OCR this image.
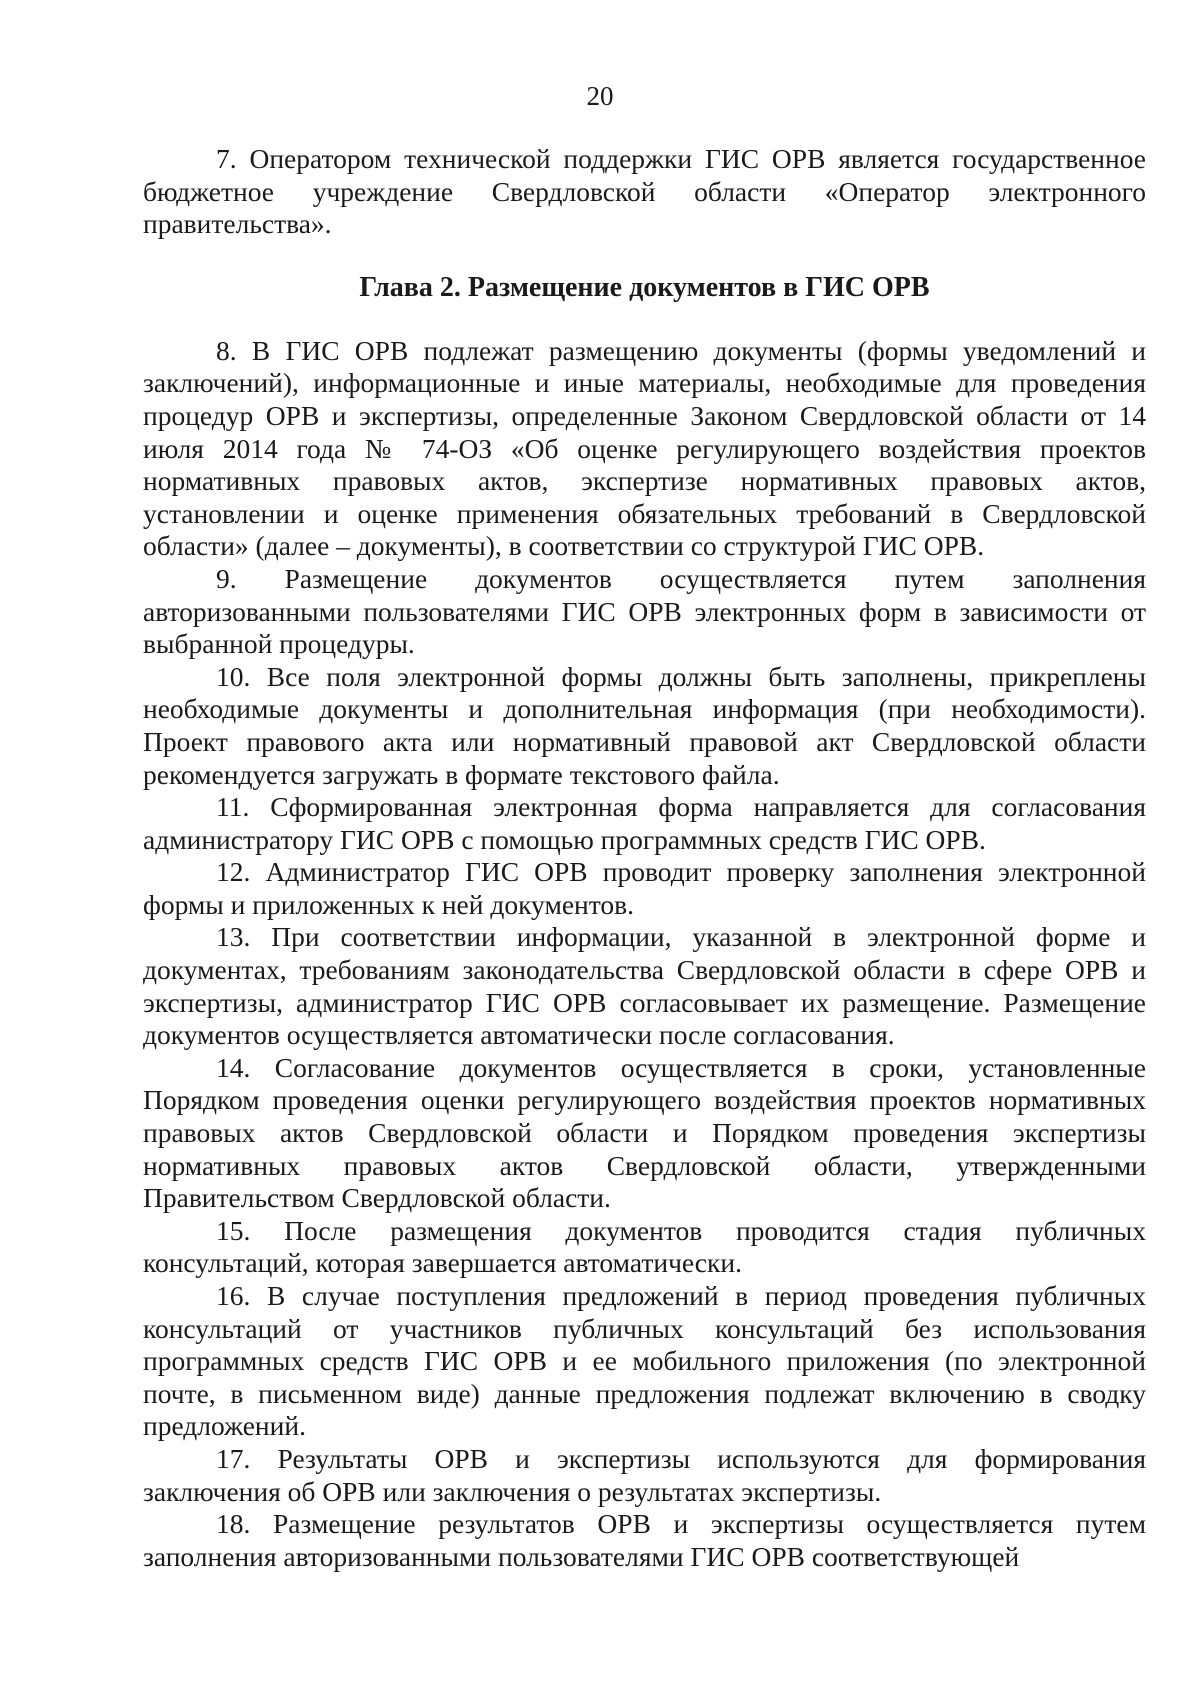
20

7. Оператором технической поддержки ГИС ОРВ является государственное бюджетное учреждение Свердловской области «Оператор электронного правительства».

Глава 2. Размещение документов в ГИС ОРВ

8. В ГИС ОРВ подлежат размещению документы (формы уведомлений и заключений), информационные и иные материалы, необходимые для проведения процедур ОРВ и экспертизы, определенные Законом Свердловской области от 14 июля 2014 года № 74-ОЗ «Об оценке регулирующего воздействия проектов нормативных правовых актов, экспертизе нормативных правовых актов, установлении и оценке применения обязательных требований в Свердловской области» (далее – документы), в соответствии со структурой ГИС ОРВ.

9. Размещение документов осуществляется путем заполнения авторизованными пользователями ГИС ОРВ электронных форм в зависимости от выбранной процедуры.

10. Все поля электронной формы должны быть заполнены, прикреплены необходимые документы и дополнительная информация (при необходимости). Проект правового акта или нормативный правовой акт Свердловской области рекомендуется загружать в формате текстового файла.

11. Сформированная электронная форма направляется для согласования администратору ГИС ОРВ с помощью программных средств ГИС ОРВ.

12. Администратор ГИС ОРВ проводит проверку заполнения электронной формы и приложенных к ней документов.

13. При соответствии информации, указанной в электронной форме и документах, требованиям законодательства Свердловской области в сфере ОРВ и экспертизы, администратор ГИС ОРВ согласовывает их размещение. Размещение документов осуществляется автоматически после согласования.

14. Согласование документов осуществляется в сроки, установленные Порядком проведения оценки регулирующего воздействия проектов нормативных правовых актов Свердловской области и Порядком проведения экспертизы нормативных правовых актов Свердловской области, утвержденными Правительством Свердловской области.

15. После размещения документов проводится стадия публичных консультаций, которая завершается автоматически.

16. В случае поступления предложений в период проведения публичных консультаций от участников публичных консультаций без использования программных средств ГИС ОРВ и ее мобильного приложения (по электронной почте, в письменном виде) данные предложения подлежат включению в сводку предложений.

17. Результаты ОРВ и экспертизы используются для формирования заключения об ОРВ или заключения о результатах экспертизы.

18. Размещение результатов ОРВ и экспертизы осуществляется путем заполнения авторизованными пользователями ГИС ОРВ соответствующей
